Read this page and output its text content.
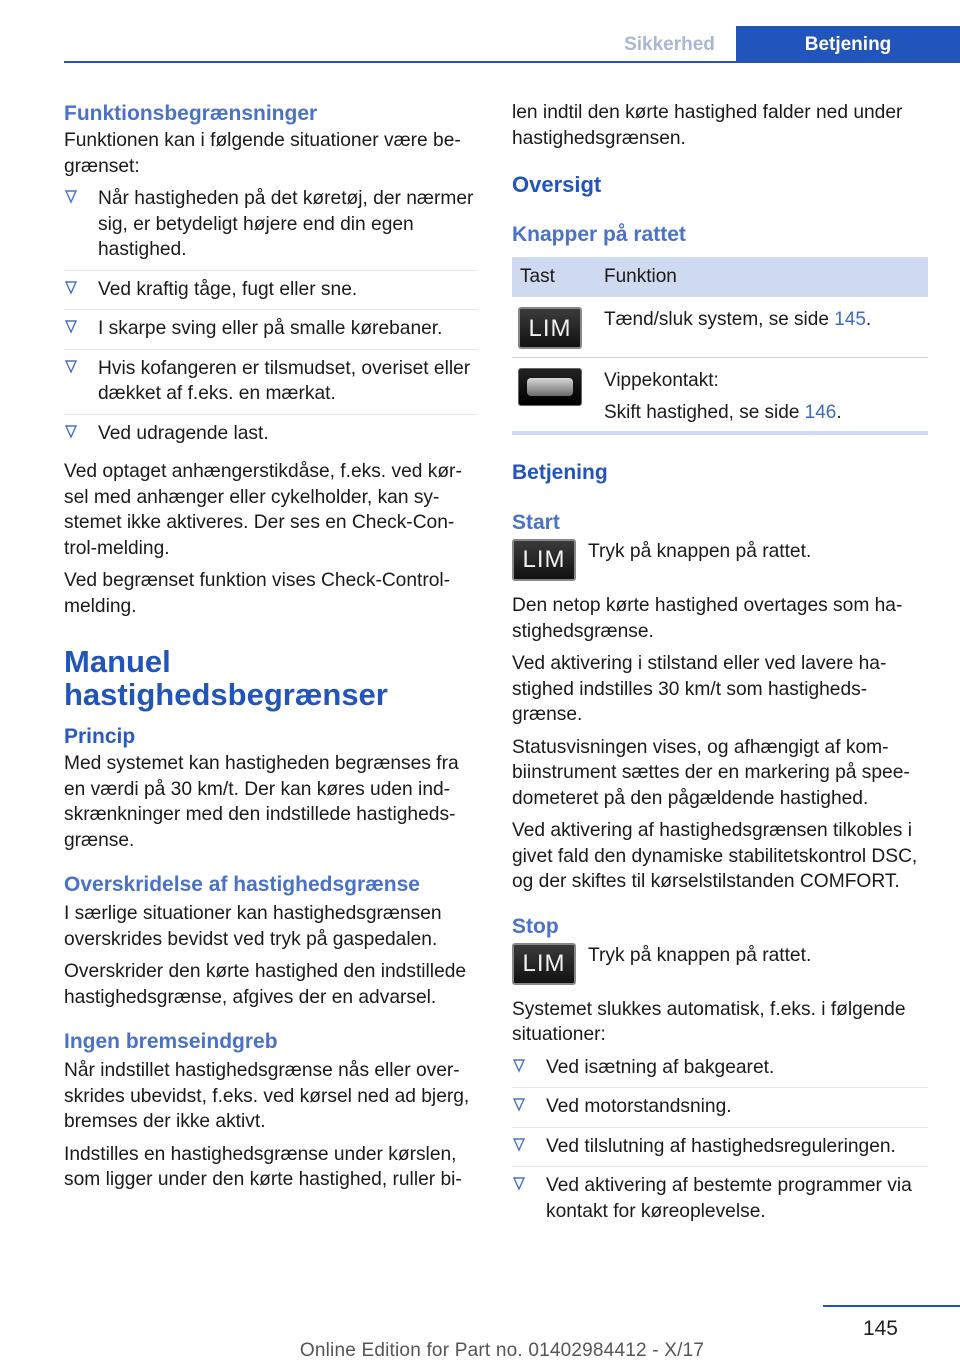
Sikkerhed	Betjening
Funktionsbegrænsninger

Funktionen kan i følgende situationer være begrænset:

Når hastigheden på det køretøj, der nærmer sig, er betydeligt højere end din egen hastighed.
Ved kraftig tåge, fugt eller sne.
I skarpe sving eller på smalle kørebaner.
Hvis kofangeren er tilsmudset, overiset eller dækket af f.eks. en mærkat.
Ved udragende last.

Ved optaget anhængerstikdåse, f.eks. ved kørsel med anhænger eller cykelholder, kan systemet ikke aktiveres. Der ses en Check-Control-melding.

Ved begrænset funktion vises Check-Control-melding.

Manuel hastighedsbegrænser
Princip

Med systemet kan hastigheden begrænses fra en værdi på 30 km/t. Der kan køres uden indskrænkninger med den indstillede hastighedsgrænse.

Overskridelse af hastighedsgrænse

I særlige situationer kan hastighedsgrænsen overskrides bevidst ved tryk på gaspedalen.

Overskrider den kørte hastighed den indstillede hastighedsgrænse, afgives der en advarsel.

Ingen bremseindgreb

Når indstillet hastighedsgrænse nås eller overskrides ubevidst, f.eks. ved kørsel ned ad bjerg, bremses der ikke aktivt.

Indstilles en hastighedsgrænse under kørslen, som ligger under den kørte hastighed, ruller bi-

len indtil den kørte hastighed falder ned under hastighedsgrænsen.

Oversigt
Knapper på rattet
Tast	Funktion
LIM	Tænd/sluk system, se side 145.

	Vippekontakt:
Skift hastighed, se side 146.
Betjening
Start
LIM	Tryk på knappen på rattet.

Den netop kørte hastighed overtages som hastighedsgrænse.

Ved aktivering i stilstand eller ved lavere hastighed indstilles 30 km/t som hastighedsgrænse.

Statusvisningen vises, og afhængigt af kombiinstrument sættes der en markering på speedometeret på den pågældende hastighed.

Ved aktivering af hastighedsgrænsen tilkobles i givet fald den dynamiske stabilitetskontrol DSC, og der skiftes til kørselstilstanden COMFORT.

Stop
LIM	Tryk på knappen på rattet.

Systemet slukkes automatisk, f.eks. i følgende situationer:

Ved isætning af bakgearet.
Ved motorstandsning.
Ved tilslutning af hastighedsreguleringen.
Ved aktivering af bestemte programmer via kontakt for køreoplevelse.
145
Online Edition for Part no. 01402984412 - X/17
